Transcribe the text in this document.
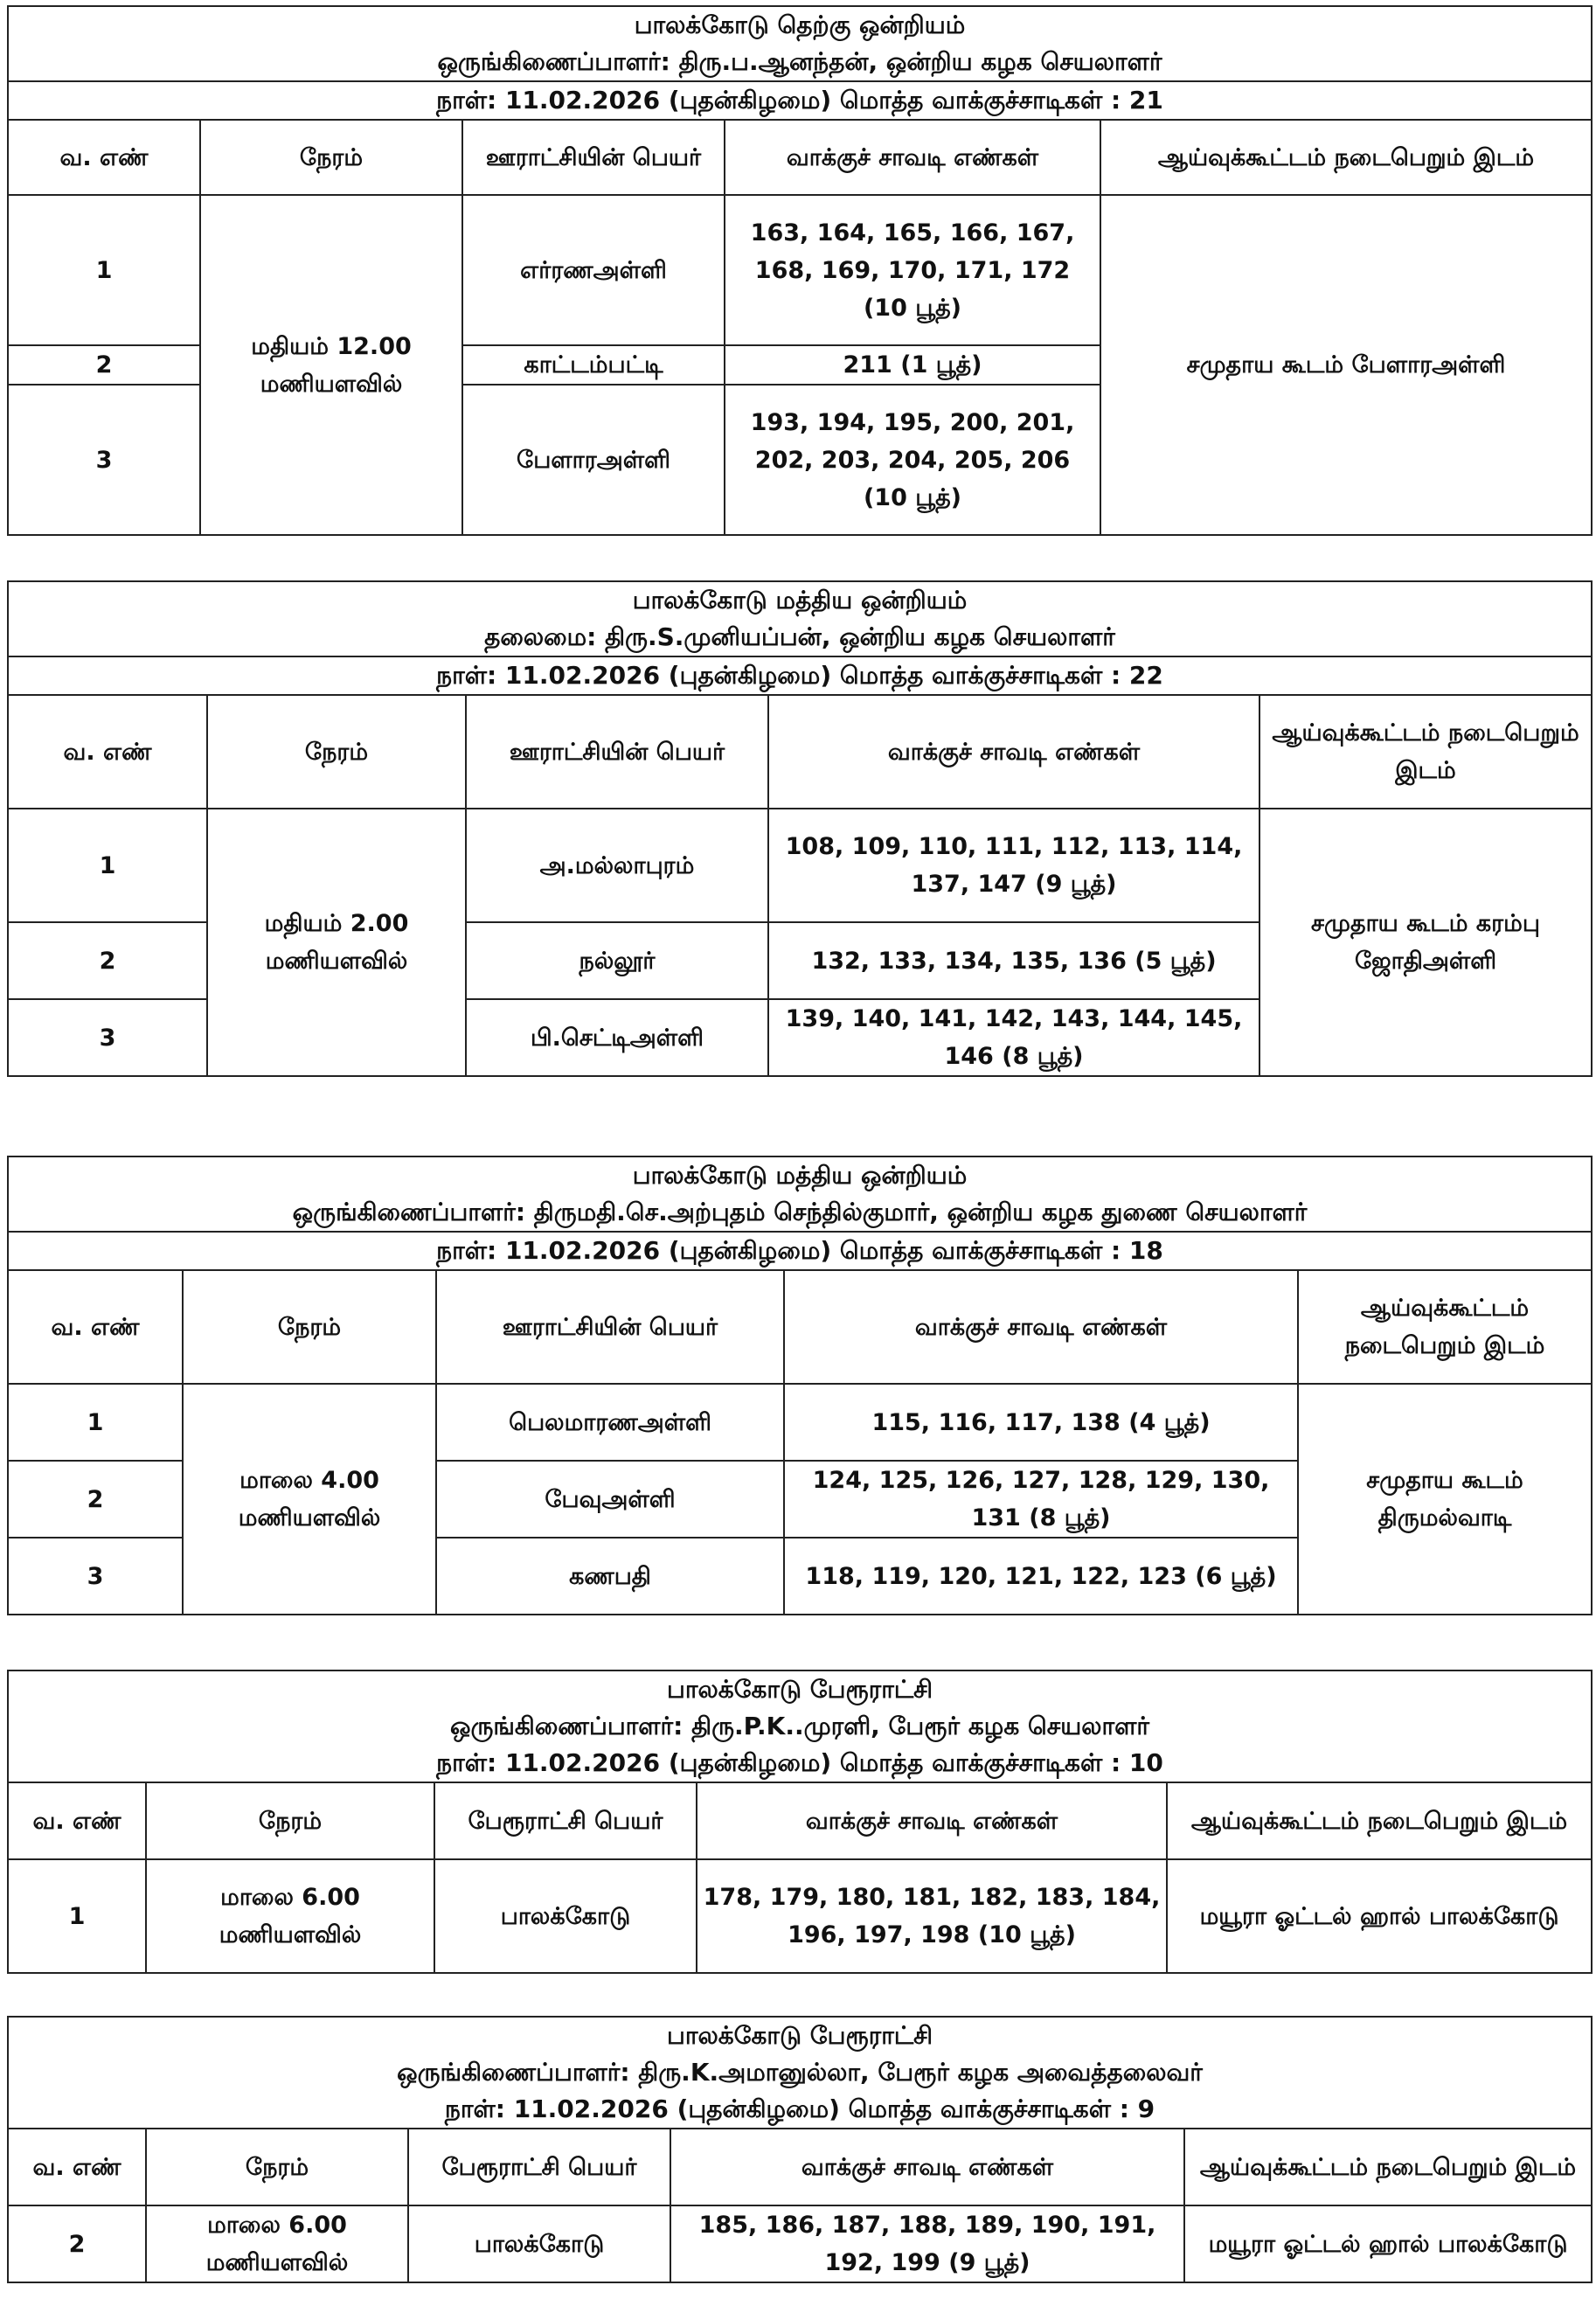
பாலக்கோடு தெற்கு ஒன்றியம்
ஒருங்கிணைப்பாளர்: திரு.ப.ஆனந்தன், ஒன்றிய கழக செயலாளர்				

நாள்: 11.02.2026 (புதன்கிழமை) மொத்த வாக்குச்சாடிகள் : 21				
வ. எண்	நேரம்	ஊராட்சியின் பெயர்	வாக்குச் சாவடி எண்கள்	ஆய்வுக்கூட்டம் நடைபெறும் இடம்
1	மதியம் 12.00 மணியளவில்	எர்ரணஅள்ளி	163, 164, 165, 166, 167, 168, 169, 170, 171, 172 (10 பூத்)	சமுதாய கூடம் பேளாரஅள்ளி
2		காட்டம்பட்டி	211 (1 பூத்)	
3		பேளாரஅள்ளி	193, 194, 195, 200, 201, 202, 203, 204, 205, 206 (10 பூத்)	
பாலக்கோடு மத்திய ஒன்றியம்
தலைமை: திரு.S.முனியப்பன், ஒன்றிய கழக செயலாளர்				

நாள்: 11.02.2026 (புதன்கிழமை) மொத்த வாக்குச்சாடிகள் : 22				
வ. எண்	நேரம்	ஊராட்சியின் பெயர்	வாக்குச் சாவடி எண்கள்	ஆய்வுக்கூட்டம் நடைபெறும் இடம்
1	மதியம் 2.00 மணியளவில்	அ.மல்லாபுரம்	108, 109, 110, 111, 112, 113, 114, 137, 147 (9 பூத்)	சமுதாய கூடம் கரம்பு ஜோதிஅள்ளி
2		நல்லூர்	132, 133, 134, 135, 136 (5 பூத்)	
3		பி.செட்டிஅள்ளி	139, 140, 141, 142, 143, 144, 145, 146 (8 பூத்)	
பாலக்கோடு மத்திய ஒன்றியம்
ஒருங்கிணைப்பாளர்: திருமதி.செ.அற்புதம் செந்தில்குமார், ஒன்றிய கழக துணை செயலாளர்				

நாள்: 11.02.2026 (புதன்கிழமை) மொத்த வாக்குச்சாடிகள் : 18				
வ. எண்	நேரம்	ஊராட்சியின் பெயர்	வாக்குச் சாவடி எண்கள்	ஆய்வுக்கூட்டம் நடைபெறும் இடம்
1	மாலை 4.00 மணியளவில்	பெலமாரணஅள்ளி	115, 116, 117, 138 (4 பூத்)	சமுதாய கூடம் திருமல்வாடி
2		பேவுஅள்ளி	124, 125, 126, 127, 128, 129, 130, 131 (8 பூத்)	
3		கணபதி	118, 119, 120, 121, 122, 123 (6 பூத்)	
பாலக்கோடு பேரூராட்சி
ஒருங்கிணைப்பாளர்: திரு.P.K..முரளி, பேரூர் கழக செயலாளர்
நாள்: 11.02.2026 (புதன்கிழமை) மொத்த வாக்குச்சாடிகள் : 10				

வ. எண்	நேரம்	பேரூராட்சி பெயர்	வாக்குச் சாவடி எண்கள்	ஆய்வுக்கூட்டம் நடைபெறும் இடம்
1	மாலை 6.00 மணியளவில்	பாலக்கோடு	178, 179, 180, 181, 182, 183, 184, 196, 197, 198 (10 பூத்)	மயூரா ஓட்டல் ஹால் பாலக்கோடு
பாலக்கோடு பேரூராட்சி
ஒருங்கிணைப்பாளர்: திரு.K.அமானுல்லா, பேரூர் கழக அவைத்தலைவர்
நாள்: 11.02.2026 (புதன்கிழமை) மொத்த வாக்குச்சாடிகள் : 9				

வ. எண்	நேரம்	பேரூராட்சி பெயர்	வாக்குச் சாவடி எண்கள்	ஆய்வுக்கூட்டம் நடைபெறும் இடம்
2	மாலை 6.00 மணியளவில்	பாலக்கோடு	185, 186, 187, 188, 189, 190, 191, 192, 199 (9 பூத்)	மயூரா ஓட்டல் ஹால் பாலக்கோடு
